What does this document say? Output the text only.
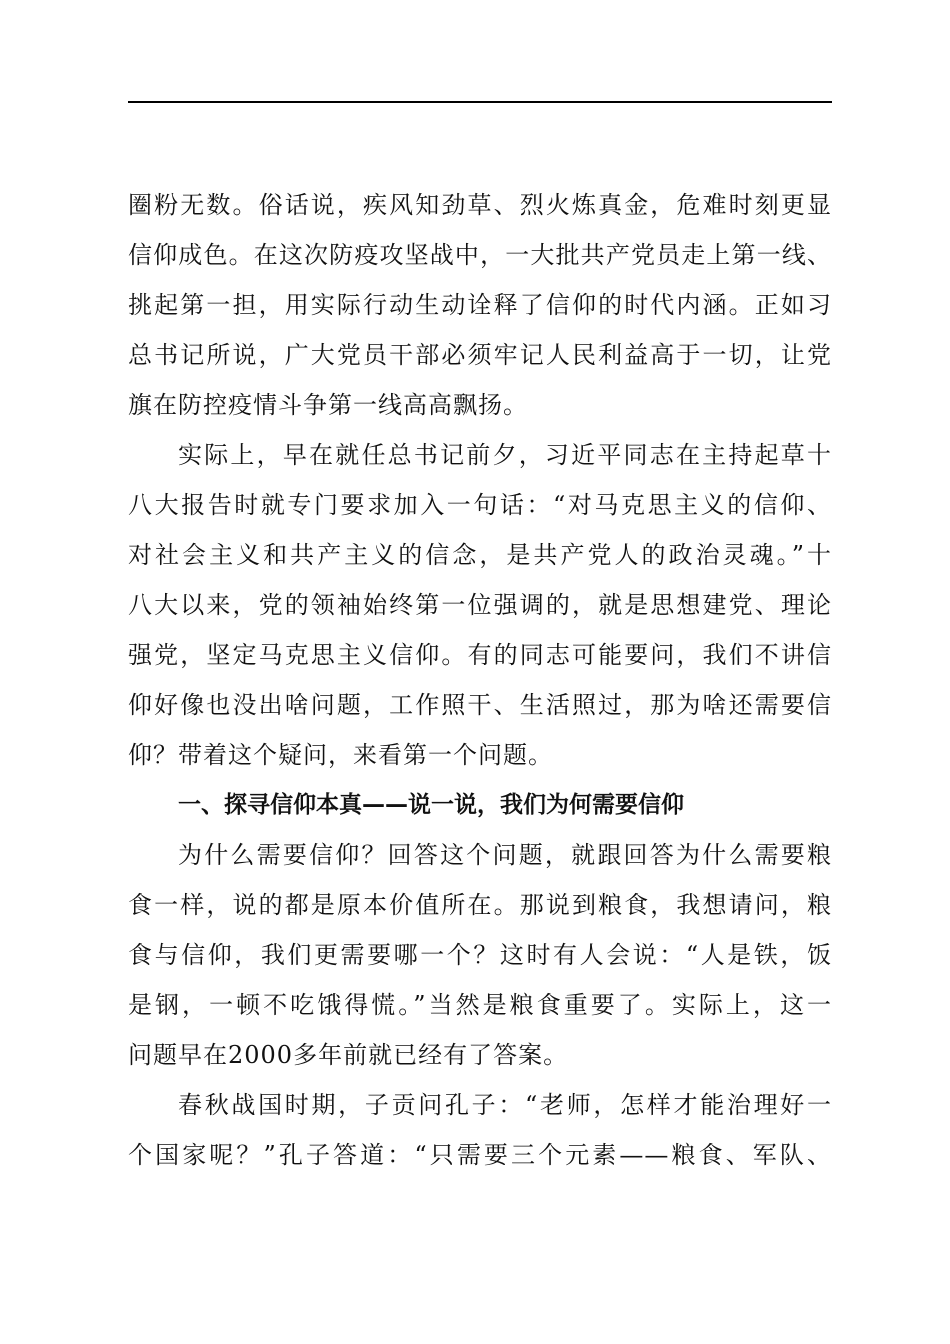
圈粉无数。俗话说，疾风知劲草、烈火炼真金，危难时刻更显
信仰成色。在这次防疫攻坚战中，一大批共产党员走上第一线、
挑起第一担，用实际行动生动诠释了信仰的时代内涵。正如习
总书记所说，广大党员干部必须牢记人民利益高于一切，让党
旗在防控疫情斗争第一线高高飘扬。
实际上，早在就任总书记前夕，习近平同志在主持起草十
八大报告时就专门要求加入一句话：“对马克思主义的信仰、
对社会主义和共产主义的信念，是共产党人的政治灵魂。”十
八大以来，党的领袖始终第一位强调的，就是思想建党、理论
强党，坚定马克思主义信仰。有的同志可能要问，我们不讲信
仰好像也没出啥问题，工作照干、生活照过，那为啥还需要信
仰？带着这个疑问，来看第一个问题。
一、探寻信仰本真——说一说，我们为何需要信仰
为什么需要信仰？回答这个问题，就跟回答为什么需要粮
食一样，说的都是原本价值所在。那说到粮食，我想请问，粮
食与信仰，我们更需要哪一个？这时有人会说：“人是铁，饭
是钢，一顿不吃饿得慌。”当然是粮食重要了。实际上，这一
问题早在2000多年前就已经有了答案。
春秋战国时期，子贡问孔子：“老师，怎样才能治理好一
个国家呢？”孔子答道：“只需要三个元素——粮食、军队、
